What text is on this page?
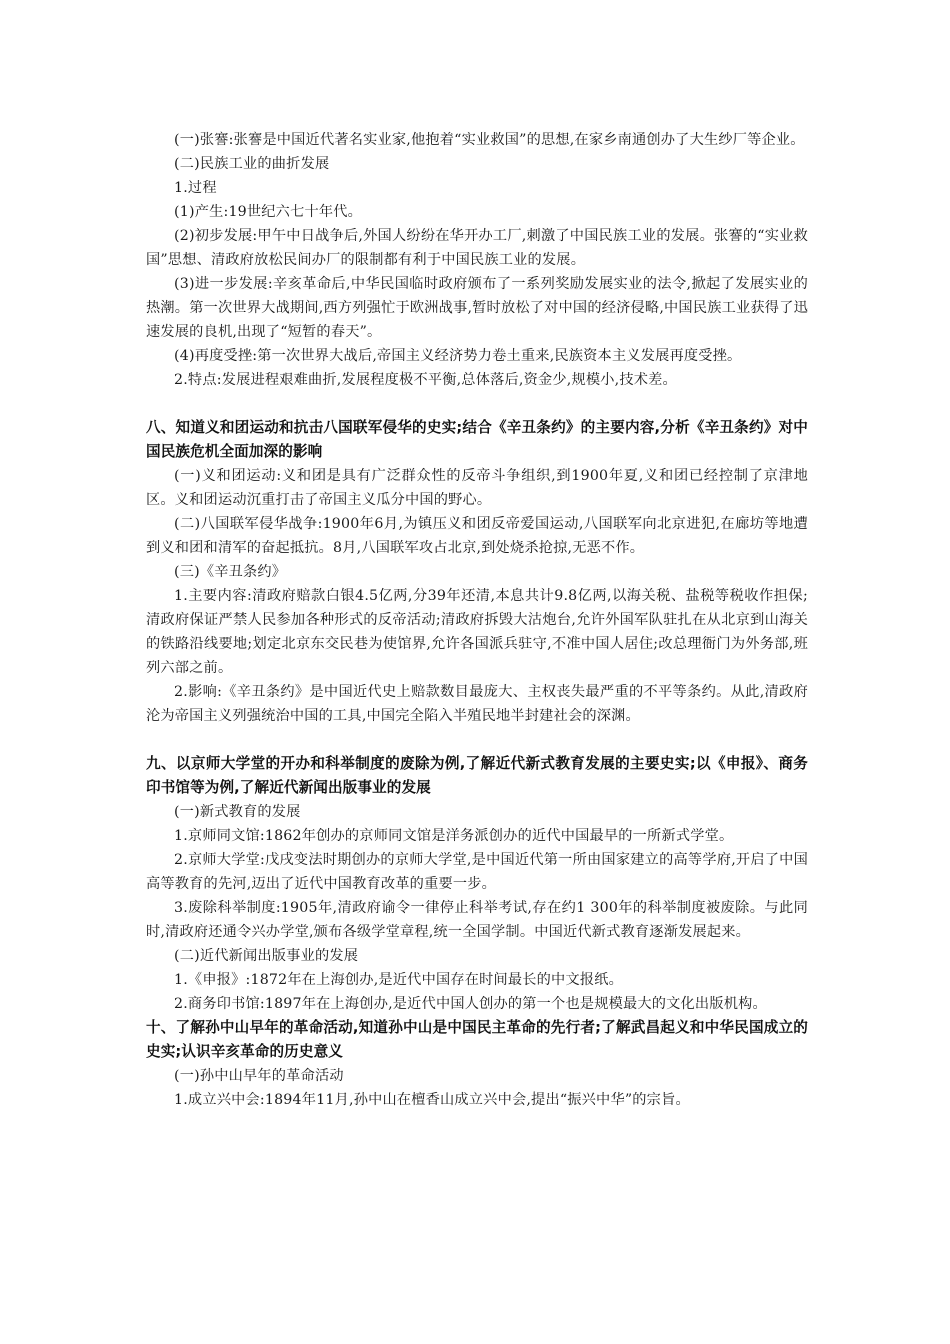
(一)张謇:张謇是中国近代著名实业家,他抱着“实业救国”的思想,在家乡南通创办了大生纱厂等企业。

(二)民族工业的曲折发展

1.过程

(1)产生:19世纪六七十年代。

(2)初步发展:甲午中日战争后,外国人纷纷在华开办工厂,刺激了中国民族工业的发展。张謇的“实业救国”思想、清政府放松民间办厂的限制都有利于中国民族工业的发展。

(3)进一步发展:辛亥革命后,中华民国临时政府颁布了一系列奖励发展实业的法令,掀起了发展实业的热潮。第一次世界大战期间,西方列强忙于欧洲战事,暂时放松了对中国的经济侵略,中国民族工业获得了迅速发展的良机,出现了“短暂的春天”。

(4)再度受挫:第一次世界大战后,帝国主义经济势力卷土重来,民族资本主义发展再度受挫。

2.特点:发展进程艰难曲折,发展程度极不平衡,总体落后,资金少,规模小,技术差。

八、知道义和团运动和抗击八国联军侵华的史实;结合《辛丑条约》的主要内容,分析《辛丑条约》对中国民族危机全面加深的影响

(一)义和团运动:义和团是具有广泛群众性的反帝斗争组织,到1900年夏,义和团已经控制了京津地区。义和团运动沉重打击了帝国主义瓜分中国的野心。

(二)八国联军侵华战争:1900年6月,为镇压义和团反帝爱国运动,八国联军向北京进犯,在廊坊等地遭到义和团和清军的奋起抵抗。8月,八国联军攻占北京,到处烧杀抢掠,无恶不作。

(三)《辛丑条约》

1.主要内容:清政府赔款白银4.5亿两,分39年还清,本息共计9.8亿两,以海关税、盐税等税收作担保;清政府保证严禁人民参加各种形式的反帝活动;清政府拆毁大沽炮台,允许外国军队驻扎在从北京到山海关的铁路沿线要地;划定北京东交民巷为使馆界,允许各国派兵驻守,不准中国人居住;改总理衙门为外务部,班列六部之前。

2.影响:《辛丑条约》是中国近代史上赔款数目最庞大、主权丧失最严重的不平等条约。从此,清政府沦为帝国主义列强统治中国的工具,中国完全陷入半殖民地半封建社会的深渊。

九、以京师大学堂的开办和科举制度的废除为例,了解近代新式教育发展的主要史实;以《申报》、商务印书馆等为例,了解近代新闻出版事业的发展

(一)新式教育的发展

1.京师同文馆:1862年创办的京师同文馆是洋务派创办的近代中国最早的一所新式学堂。

2.京师大学堂:戊戌变法时期创办的京师大学堂,是中国近代第一所由国家建立的高等学府,开启了中国高等教育的先河,迈出了近代中国教育改革的重要一步。

3.废除科举制度:1905年,清政府谕令一律停止科举考试,存在约1 300年的科举制度被废除。与此同时,清政府还通令兴办学堂,颁布各级学堂章程,统一全国学制。中国近代新式教育逐渐发展起来。

(二)近代新闻出版事业的发展

1.《申报》:1872年在上海创办,是近代中国存在时间最长的中文报纸。

2.商务印书馆:1897年在上海创办,是近代中国人创办的第一个也是规模最大的文化出版机构。

十、了解孙中山早年的革命活动,知道孙中山是中国民主革命的先行者;了解武昌起义和中华民国成立的史实;认识辛亥革命的历史意义

(一)孙中山早年的革命活动

1.成立兴中会:1894年11月,孙中山在檀香山成立兴中会,提出“振兴中华”的宗旨。
